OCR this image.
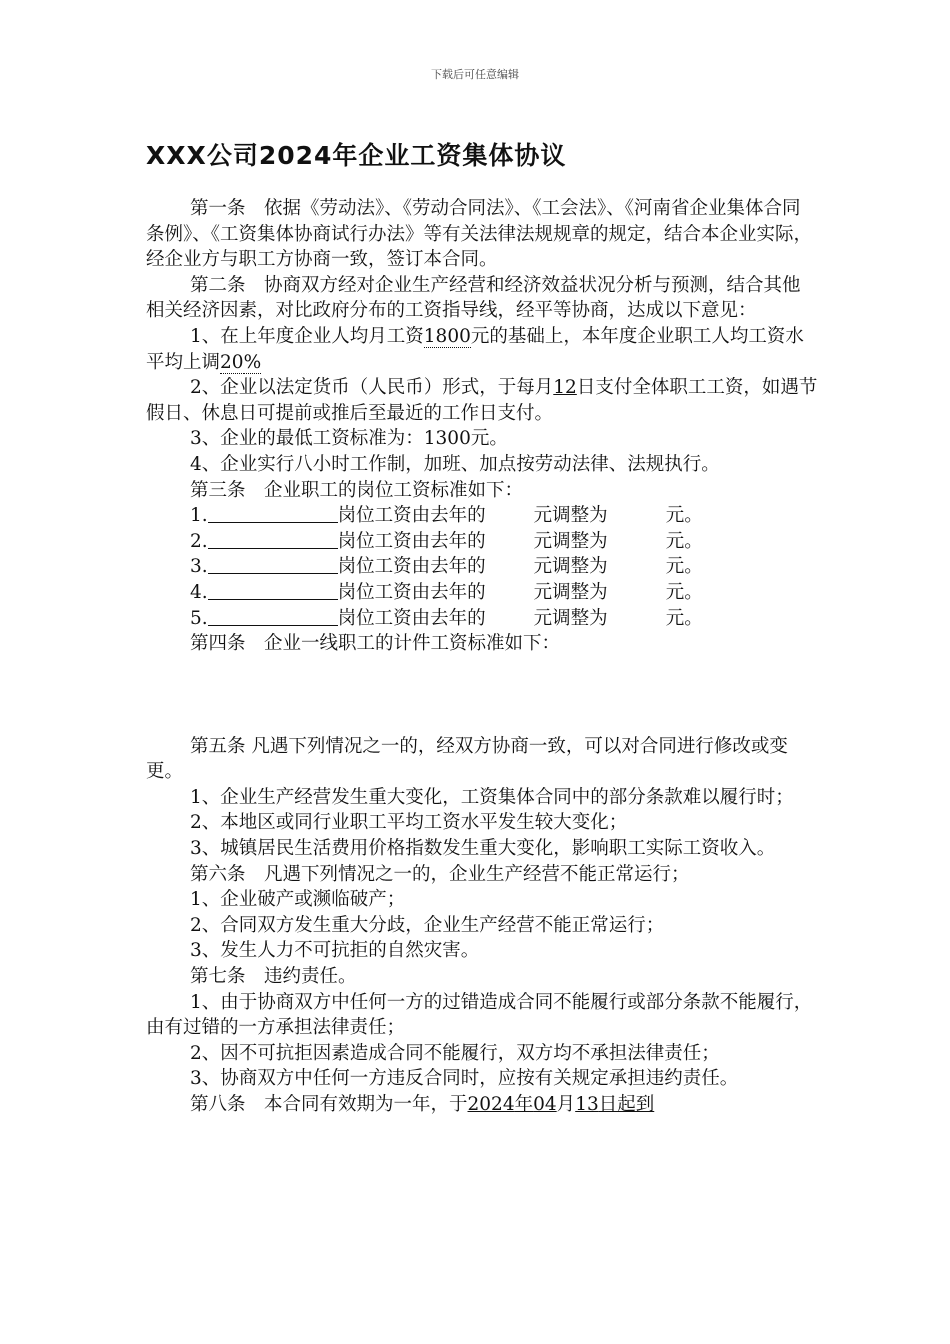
下载后可任意编辑
XXX公司2024年企业工资集体协议

第一条　依据《劳动法》、《劳动合同法》、《工会法》、《河南省企业集体合同条例》、《工资集体协商试行办法》等有关法律法规规章的规定，结合本企业实际，经企业方与职工方协商一致，签订本合同。

第二条　协商双方经对企业生产经营和经济效益状况分析与预测，结合其他相关经济因素，对比政府分布的工资指导线，经平等协商，达成以下意见：

1、在上年度企业人均月工资1800元的基础上，本年度企业职工人均工资水平均上调20%

2、企业以法定货币（人民币）形式，于每月12日支付全体职工工资，如遇节假日、休息日可提前或推后至最近的工作日支付。

3、企业的最低工资标准为：1300元。

4、企业实行八小时工作制，加班、加点按劳动法律、法规执行。

第三条　企业职工的岗位工资标准如下：

1.	岗位工资由去年的	元调整为	元。

2.	岗位工资由去年的	元调整为	元。

3.	岗位工资由去年的	元调整为	元。

4.	岗位工资由去年的	元调整为	元。

5.	岗位工资由去年的	元调整为	元。

第四条　企业一线职工的计件工资标准如下：

第五条 凡遇下列情况之一的，经双方协商一致，可以对合同进行修改或变更。

1、企业生产经营发生重大变化，工资集体合同中的部分条款难以履行时；

2、本地区或同行业职工平均工资水平发生较大变化；

3、城镇居民生活费用价格指数发生重大变化，影响职工实际工资收入。

第六条　凡遇下列情况之一的，企业生产经营不能正常运行；

1、企业破产或濒临破产；

2、合同双方发生重大分歧，企业生产经营不能正常运行；

3、发生人力不可抗拒的自然灾害。

第七条　违约责任。

1、由于协商双方中任何一方的过错造成合同不能履行或部分条款不能履行，由有过错的一方承担法律责任；

2、因不可抗拒因素造成合同不能履行，双方均不承担法律责任；

3、协商双方中任何一方违反合同时，应按有关规定承担违约责任。

第八条　本合同有效期为一年，于2024年04月13日起到
